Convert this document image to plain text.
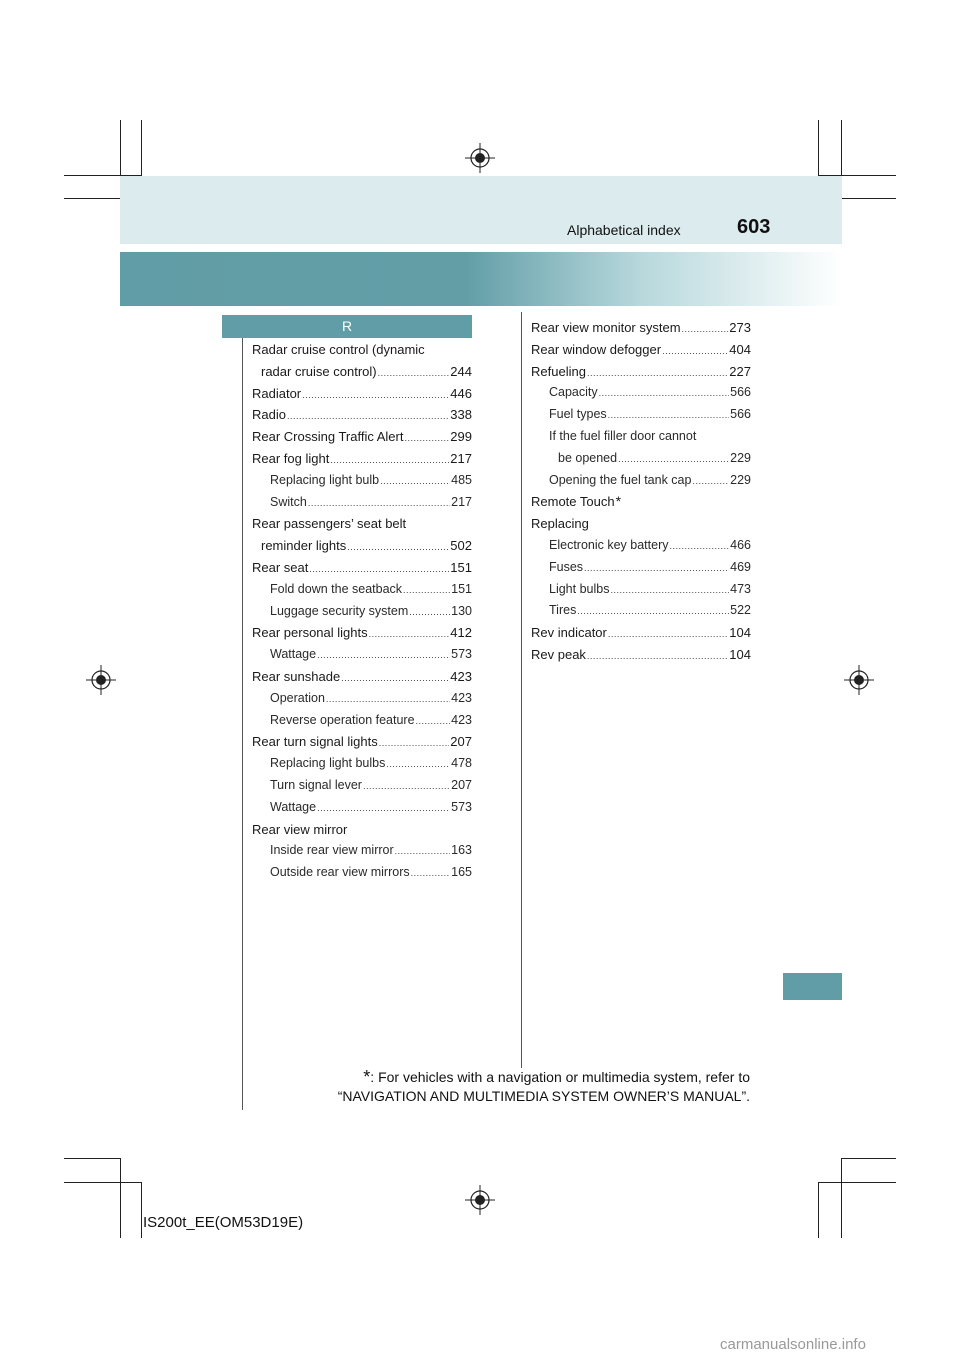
Alphabetical index	603
R
Radar cruise control (dynamic
radar cruise control) .....	244
Radiator .....	446
Radio .....	338
Rear Crossing Traffic Alert .....	299
Rear fog light .....	217
Replacing light bulb .....	485
Switch .....	217
Rear passengers’ seat belt
reminder lights .....	502
Rear seat .....	151
Fold down the seatback .....	151
Luggage security system .....	130
Rear personal lights .....	412
Wattage .....	573
Rear sunshade .....	423
Operation .....	423
Reverse operation feature .....	423
Rear turn signal lights .....	207
Replacing light bulbs .....	478
Turn signal lever .....	207
Wattage .....	573
Rear view mirror
Inside rear view mirror .....	163
Outside rear view mirrors .....	165
Rear view monitor system .....	273
Rear window defogger .....	404
Refueling .....	227
Capacity .....	566
Fuel types .....	566
If the fuel filler door cannot
be opened .....	229
Opening the fuel tank cap .....	229
Remote Touch *
Replacing
Electronic key battery .....	466
Fuses .....	469
Light bulbs .....	473
Tires .....	522
Rev indicator .....	104
Rev peak .....	104
*: For vehicles with a navigation or multimedia system, refer to
“NAVIGATION AND MULTIMEDIA SYSTEM OWNER’S MANUAL”.
IS200t_EE(OM53D19E)
carmanualsonline.info
